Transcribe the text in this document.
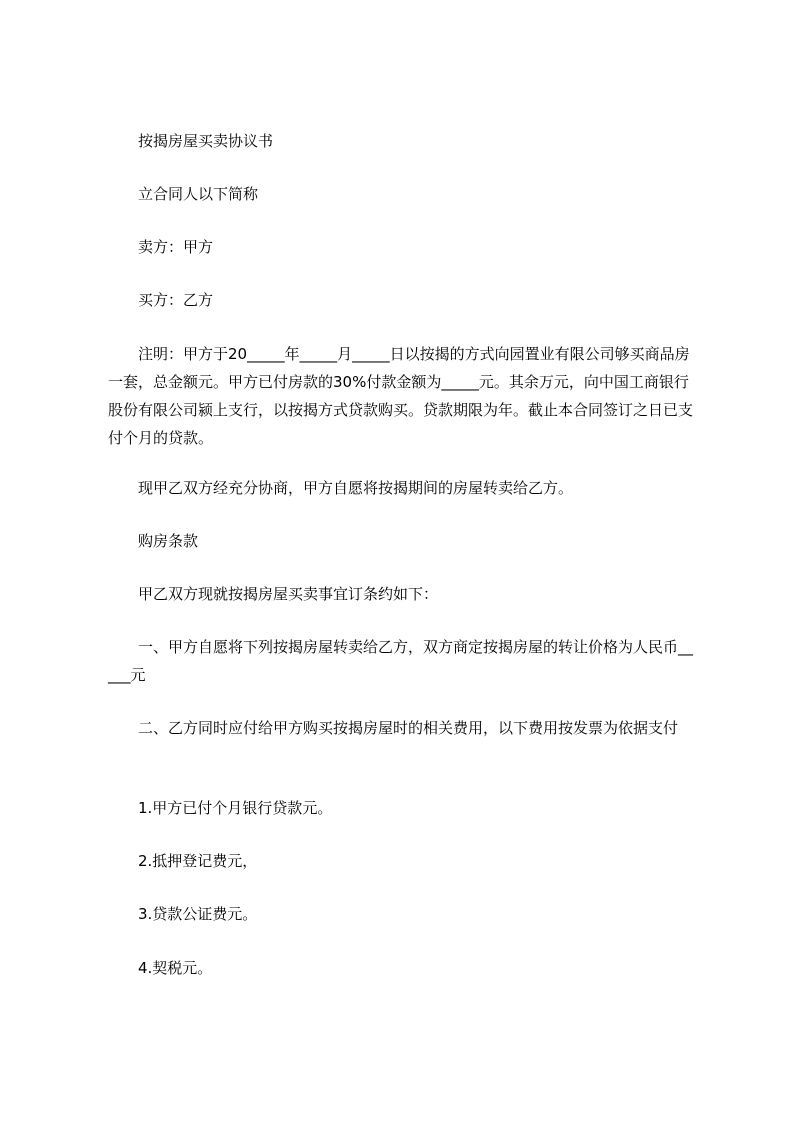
按揭房屋买卖协议书

立合同人以下简称

卖方：甲方

买方：乙方

注明：甲方于20_____年_____月_____日以按揭的方式向园置业有限公司够买商品房一套，总金额元。甲方已付房款的30%付款金额为_____元。其余万元，向中国工商银行股份有限公司颍上支行，以按揭方式贷款购买。贷款期限为年。截止本合同签订之日已支付个月的贷款。

现甲乙双方经充分协商，甲方自愿将按揭期间的房屋转卖给乙方。

购房条款

甲乙双方现就按揭房屋买卖事宜订条约如下：

一、甲方自愿将下列按揭房屋转卖给乙方，双方商定按揭房屋的转让价格为人民币_____元

二、乙方同时应付给甲方购买按揭房屋时的相关费用，以下费用按发票为依据支付

1.甲方已付个月银行贷款元。

2.抵押登记费元，

3.贷款公证费元。

4.契税元。
